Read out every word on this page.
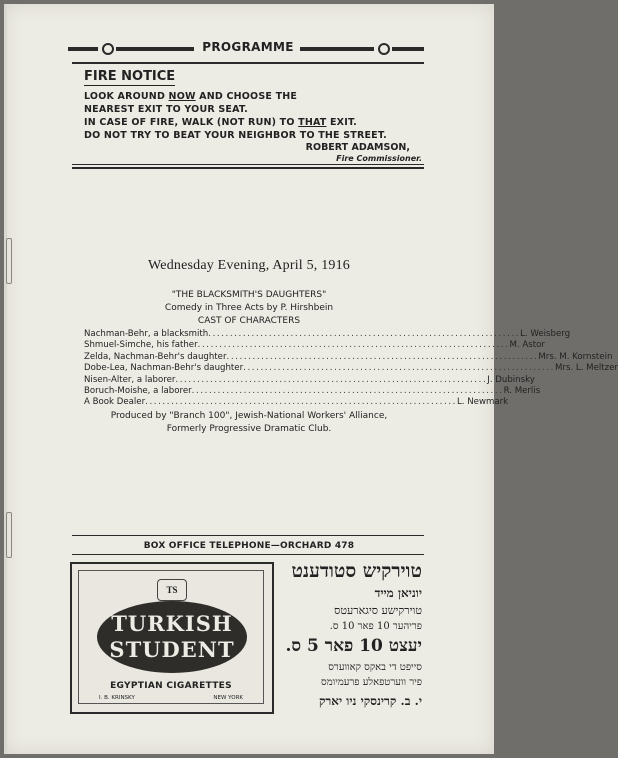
PROGRAMME
FIRE NOTICE
LOOK AROUND NOW AND CHOOSE THE
NEAREST EXIT TO YOUR SEAT.
IN CASE OF FIRE, WALK (NOT RUN) TO THAT EXIT.
DO NOT TRY TO BEAT YOUR NEIGHBOR TO THE STREET.
ROBERT ADAMSON,
Fire Commissioner.
Wednesday Evening, April 5, 1916
"THE BLACKSMITH'S DAUGHTERS"
Comedy in Three Acts by P. Hirshbein
CAST OF CHARACTERS
Nachman-Behr, a blacksmith ........................................................................ L. Weisberg
Shmuel-Simche, his father ........................................................................ M. Astor
Zelda, Nachman-Behr's daughter ........................................................................ Mrs. M. Kornstein
Dobe-Lea, Nachman-Behr's daughter ........................................................................ Mrs. L. Meltzer
Nisen-Alter, a laborer ........................................................................ J. Dubinsky
Boruch-Moishe, a laborer ........................................................................ R. Merlis
A Book Dealer ........................................................................ L. Newmark
Produced by "Branch 100", Jewish-National Workers' Alliance,
Formerly Progressive Dramatic Club.
BOX OFFICE TELEPHONE—ORCHARD 478
TS
TURKISH
STUDENT
EGYPTIAN CIGARETTES
I. B. KRINSKY	NEW YORK
טוירקיש סטודענט
יוניאן מייד
טוירקישע סיגארעטס
פריהער 10 פאר 10 ס.
יעצט 10 פאר 5 ס.
סייפט די באקס קאווערס
פיר ווערטפאלע פרעמיומס
י. ב. קרינסקי ניו יארק
